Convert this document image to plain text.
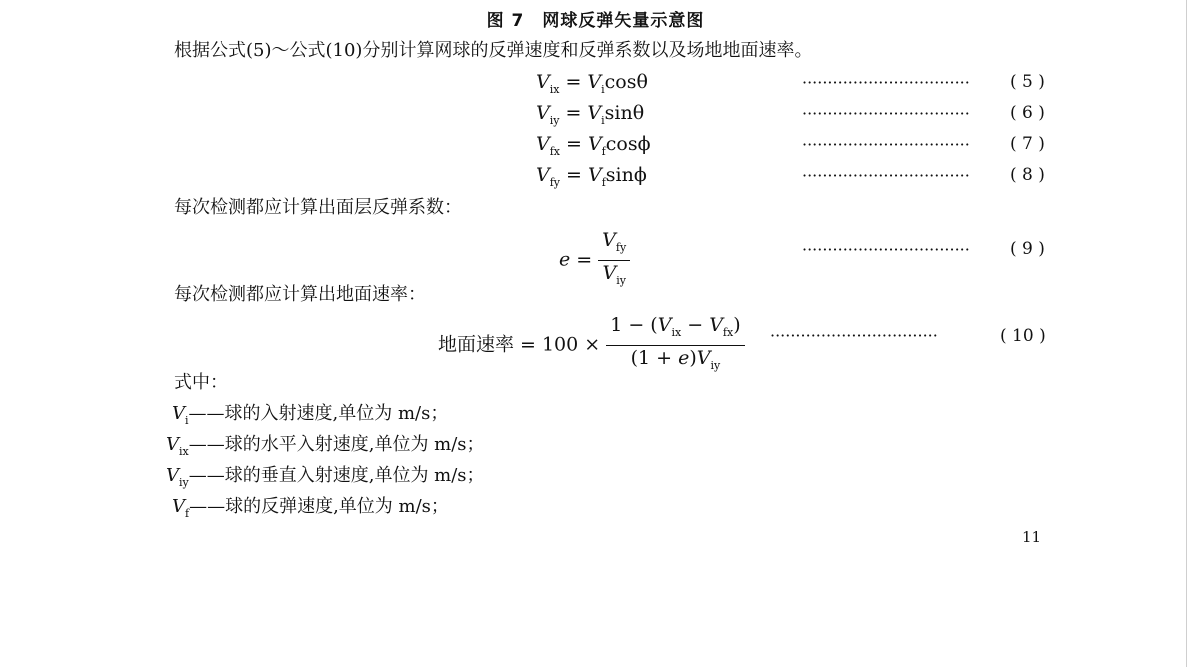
图 7 网球反弹矢量示意图
根据公式(5)～公式(10)分别计算网球的反弹速度和反弹系数以及场地地面速率。
$V_{ix} = V_i\cos\theta$	·································	( 5 )
$V_{iy} = V_i\sin\theta$	·································	( 6 )
$V_{fx} = V_f\cos\phi$	·································	( 7 )
$V_{fy} = V_f\sin\phi$	·································	( 8 )
每次检测都应计算出面层反弹系数：
$e = \frac{V_{fy}}{V_{iy}}$	·································	( 9 )
每次检测都应计算出地面速率：
地面速率 = $100 \times \frac{1 - (V_{ix} - V_{fx})}{(1 + e)V_{iy}}$ ·································	( 10 )
式中：
$V_i——$球的入射速度,单位为 m/s；
$V_{ix}——$球的水平入射速度,单位为 m/s；
$V_{iy}——$球的垂直入射速度,单位为 m/s；
$V_f——$球的反弹速度,单位为 m/s；
11
